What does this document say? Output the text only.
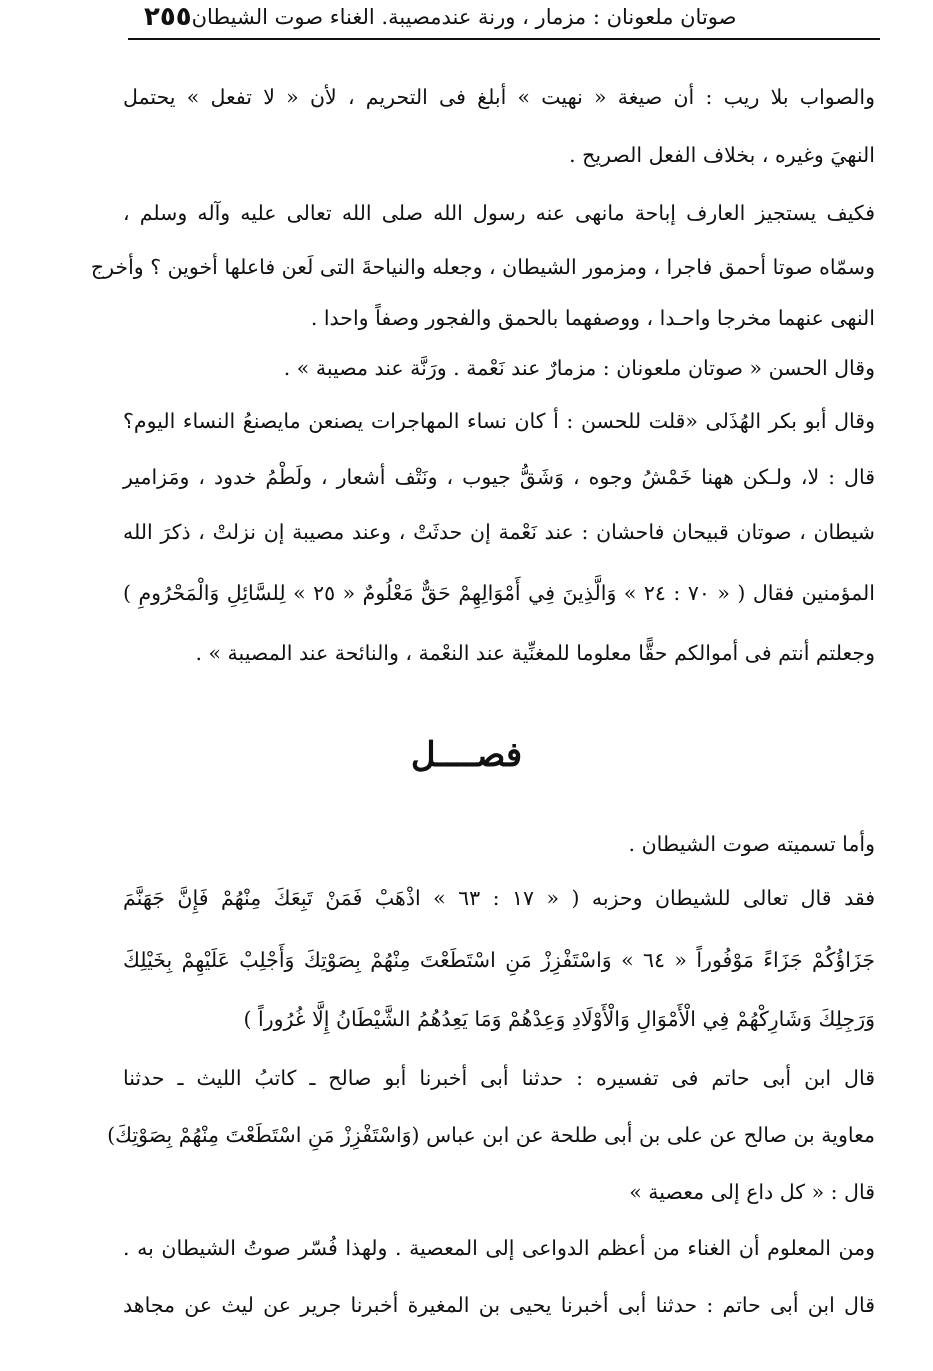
٢٥٥ صوتان ملعونان : مزمار ، ورنة عندمصيبة. الغناء صوت الشيطان
والصواب بلا ريب : أن صيغة « نهيت » أبلغ فى التحريم ، لأن « لا تفعل » يحتمل
النهيَ وغيره ، بخلاف الفعل الصريح .
فكيف يستجيز العارف إباحة مانهى عنه رسول الله صلى الله تعالى عليه وآله وسلم ،
وسمّاه صوتا أحمق فاجرا ، ومزمور الشيطان ، وجعله والنياحةَ التى لَعن فاعلها أخوين ؟ وأخرج
النهى عنهما مخرجا واحـدا ، ووصفهما بالحمق والفجور وصفاً واحدا .
وقال الحسن « صوتان ملعونان : مزمارٌ عند نَعْمة . ورَنَّة عند مصيبة » .
وقال أبو بكر الهُذَلى «قلت للحسن : أ كان نساء المهاجرات يصنعن مايصنعُ النساء اليوم؟
قال : لا، ولـكن ههنا خَمْشُ وجوه ، وَشَقُّ جيوب ، ونَتْف أشعار ، ولَطْمُ خدود ، ومَزامير
شيطان ، صوتان قبيحان فاحشان : عند نَعْمة إن حدثَتْ ، وعند مصيبة إن نزلتْ ، ذكرَ الله
المؤمنين فقال ( « ٧٠ : ٢٤ » وَالَّذِينَ فِي أَمْوَالِهِمْ حَقٌّ مَعْلُومٌ « ٢٥ » لِلسَّائِلِ وَالْمَحْرُومِ )
وجعلتم أنتم فى أموالكم حقًّا معلوما للمغنِّية عند النعْمة ، والنائحة عند المصيبة » .
فصــــل
وأما تسميته صوت الشيطان .
فقد قال تعالى للشيطان وحزبه ( « ١٧ : ٦٣ » اذْهَبْ فَمَنْ تَبِعَكَ مِنْهُمْ فَإِنَّ جَهَنَّمَ
جَزَاؤُكُمْ جَزَاءً مَوْفُوراً « ٦٤ » وَاسْتَفْزِزْ مَنِ اسْتَطَعْتَ مِنْهُمْ بِصَوْتِكَ وَأَجْلِبْ عَلَيْهِمْ بِخَيْلِكَ
وَرَجِلِكَ وَشَارِكْهُمْ فِي الْأَمْوَالِ وَالْأَوْلَادِ وَعِدْهُمْ وَمَا يَعِدُهُمُ الشَّيْطَانُ إِلَّا غُرُوراً )
قال ابن أبى حاتم فى تفسيره : حدثنا أبى أخبرنا أبو صالح ـ كاتبُ الليث ـ حدثنا
معاوية بن صالح عن على بن أبى طلحة عن ابن عباس (وَاسْتَفْزِزْ مَنِ اسْتَطَعْتَ مِنْهُمْ بِصَوْتِكَ)
قال : « كل داع إلى معصية »
ومن المعلوم أن الغناء من أعظم الدواعى إلى المعصية . ولهذا فُسّر صوتُ الشيطان به .
قال ابن أبى حاتم : حدثنا أبى أخبرنا يحيى بن المغيرة أخبرنا جرير عن ليث عن مجاهد
